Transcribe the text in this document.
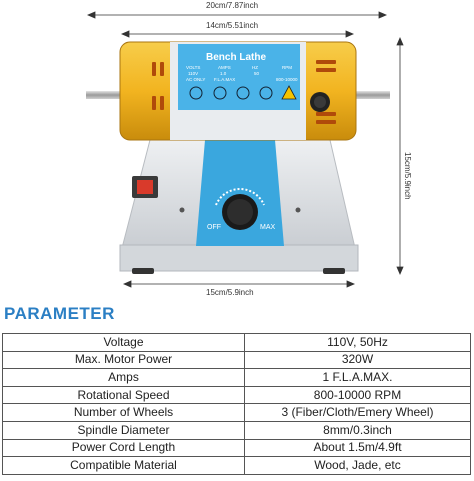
OFF	MAX
Bench Lathe
VOLTS	AMPS	HZ	RPM
110V	1.0	50
800-10000
AC ONLY F.L.A.MAX
20cm/7.87inch
14cm/5.51inch
15cm/5.9inch
15cm/5.9inch
PARAMETER
Voltage	110V, 50Hz
Max. Motor Power	320W
Amps	1 F.L.A.MAX.
Rotational Speed	800-10000 RPM
Number of Wheels	3 (Fiber/Cloth/Emery Wheel)
Spindle Diameter	8mm/0.3inch
Power Cord Length	About 1.5m/4.9ft
Compatible Material	Wood, Jade, etc
